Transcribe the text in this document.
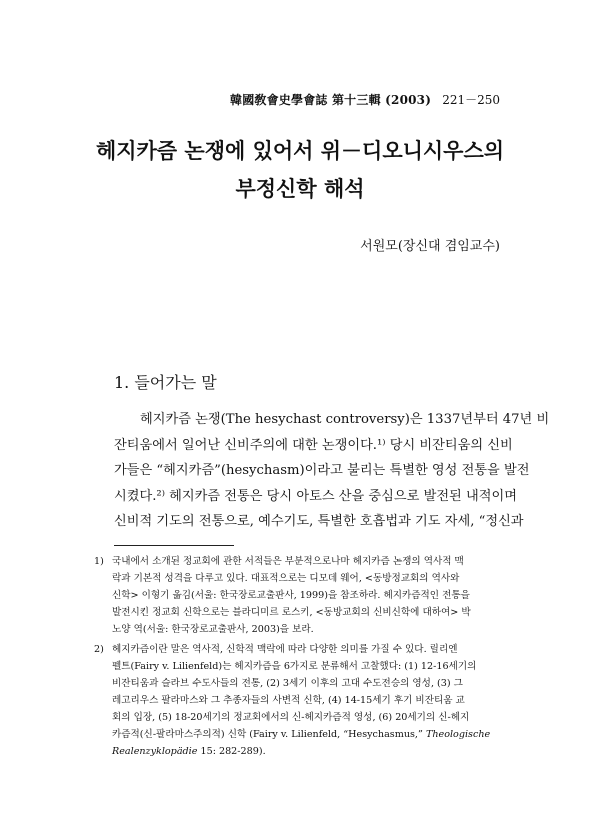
韓國敎會史學會誌 第十三輯 (2003) 221－250
헤지카즘 논쟁에 있어서 위－디오니시우스의
부정신학 해석
서원모(장신대 겸임교수)
1. 들어가는 말
헤지카즘 논쟁(The hesychast controversy)은 1337년부터 47년 비
잔티움에서 일어난 신비주의에 대한 논쟁이다.¹⁾ 당시 비잔티움의 신비
가들은 “헤지카즘”(hesychasm)이라고 불리는 특별한 영성 전통을 발전
시켰다.²⁾ 헤지카즘 전통은 당시 아토스 산을 중심으로 발전된 내적이며
신비적 기도의 전통으로, 예수기도, 특별한 호흡법과 기도 자세, “정신과
1) 국내에서 소개된 정교회에 관한 서적들은 부분적으로나마 헤지카즘 논쟁의 역사적 맥
락과 기본적 성격을 다루고 있다. 대표적으로는 디모데 웨어, <동방정교회의 역사와
신학> 이형기 옮김(서울: 한국장로교출판사, 1999)을 참조하라. 헤지카즘적인 전통을
발전시킨 정교회 신학으로는 블라디미르 로스키, <동방교회의 신비신학에 대하여> 박
노양 역(서울: 한국장로교출판사, 2003)을 보라.
2) 헤지카즘이란 말은 역사적, 신학적 맥락에 따라 다양한 의미를 가질 수 있다. 릴리엔
펠트(Fairy v. Lilienfeld)는 헤지카즘을 6가지로 분류해서 고찰했다: (1) 12-16세기의
비잔티움과 슬라브 수도사들의 전통, (2) 3세기 이후의 고대 수도전승의 영성, (3) 그
레고리우스 팔라마스와 그 추종자들의 사변적 신학, (4) 14-15세기 후기 비잔티움 교
회의 입장, (5) 18-20세기의 정교회에서의 신-헤지카즘적 영성, (6) 20세기의 신-헤지
카즘적(신-팔라마스주의적) 신학 (Fairy v. Lilienfeld, “Hesychasmus,” Theologische
Realenzyklopädie 15: 282-289).
